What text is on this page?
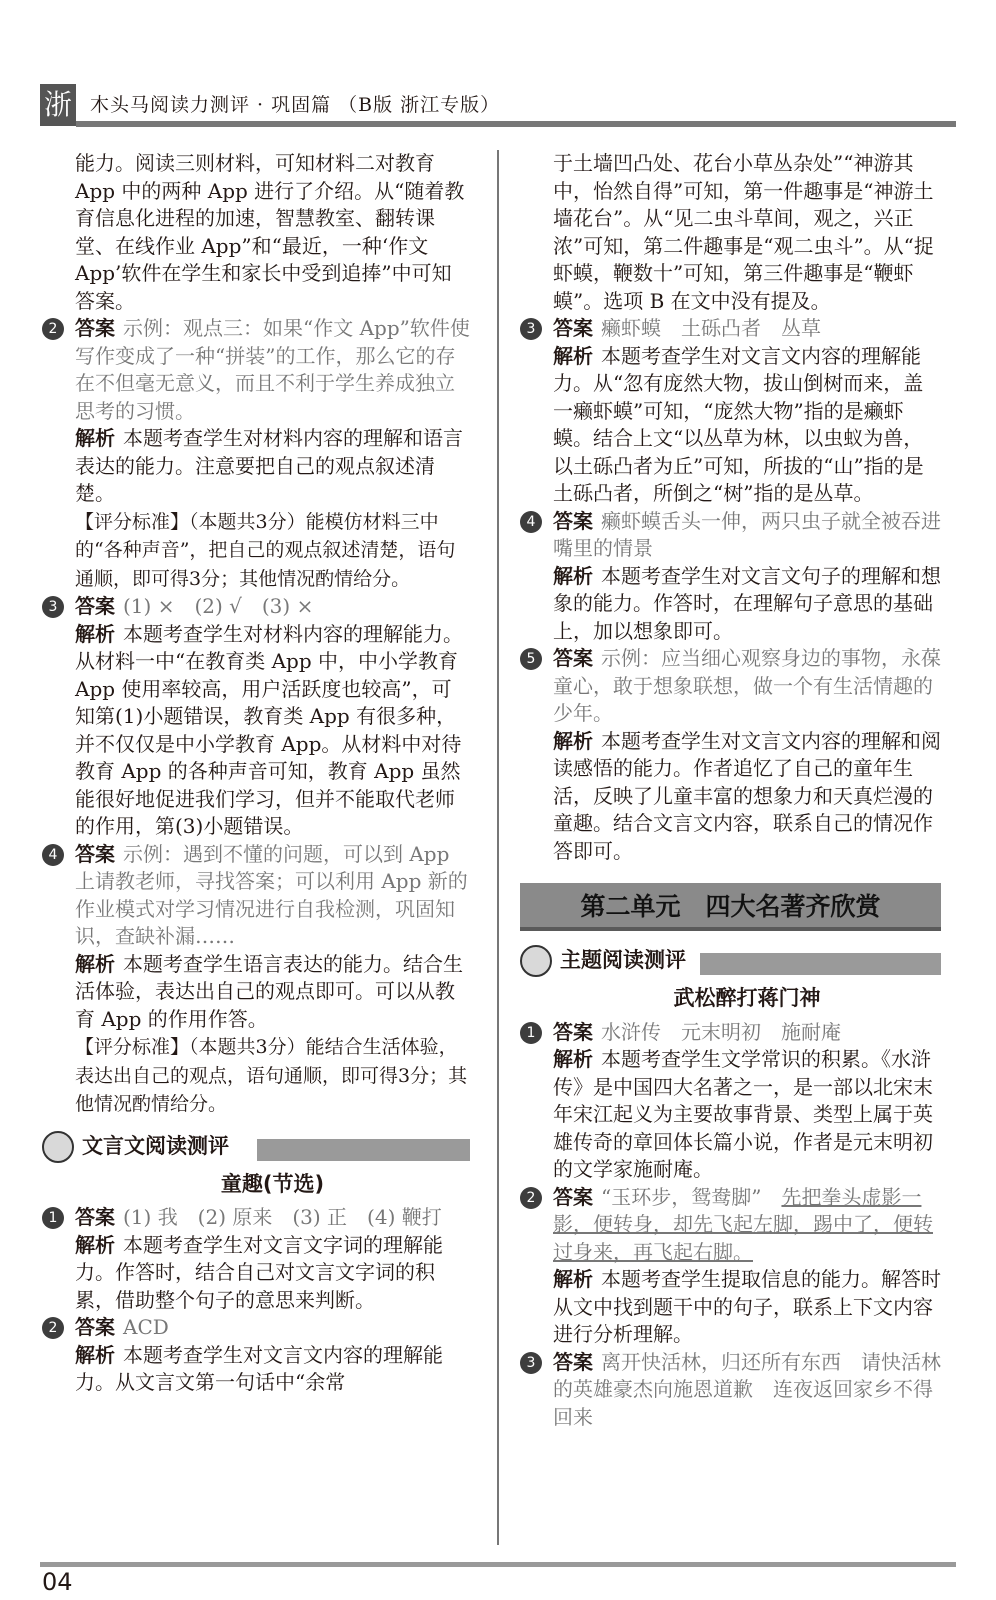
浙 木头马阅读力测评 · 巩固篇 （B版 浙江专版）
能力。阅读三则材料，可知材料二对教育 App 中的两种 App 进行了介绍。从“随着教育信息化进程的加速，智慧教室、翻转课堂、在线作业 App”和“最近，一种‘作文 App’软件在学生和家长中受到追捧”中可知答案。
2 答案 示例：观点三：如果“作文 App”软件使写作变成了一种“拼装”的工作，那么它的存在不但毫无意义，而且不利于学生养成独立思考的习惯。
解析 本题考查学生对材料内容的理解和语言表达的能力。注意要把自己的观点叙述清楚。
【评分标准】（本题共3分）能模仿材料三中的“各种声音”，把自己的观点叙述清楚，语句通顺，即可得3分；其他情况酌情给分。
3 答案 (1) ×　(2) √　(3) ×
解析 本题考查学生对材料内容的理解能力。从材料一中“在教育类 App 中，中小学教育 App 使用率较高，用户活跃度也较高”，可知第(1)小题错误，教育类 App 有很多种，并不仅仅是中小学教育 App。从材料中对待教育 App 的各种声音可知，教育 App 虽然能很好地促进我们学习，但并不能取代老师的作用，第(3)小题错误。
4 答案 示例：遇到不懂的问题，可以到 App 上请教老师，寻找答案；可以利用 App 新的作业模式对学习情况进行自我检测，巩固知识，查缺补漏……
解析 本题考查学生语言表达的能力。结合生活体验，表达出自己的观点即可。可以从教育 App 的作用作答。
【评分标准】（本题共3分）能结合生活体验，表达出自己的观点，语句通顺，即可得3分；其他情况酌情给分。
文言文阅读测评
童趣(节选)
1 答案 (1) 我　(2) 原来　(3) 正　(4) 鞭打
解析 本题考查学生对文言文字词的理解能力。作答时，结合自己对文言文字词的积累，借助整个句子的意思来判断。
2 答案 ACD
解析 本题考查学生对文言文内容的理解能力。从文言文第一句话中“余常
于土墙凹凸处、花台小草丛杂处”“神游其中，怡然自得”可知，第一件趣事是“神游土墙花台”。从“见二虫斗草间，观之，兴正浓”可知，第二件趣事是“观二虫斗”。从“捉虾蟆，鞭数十”可知，第三件趣事是“鞭虾蟆”。选项 B 在文中没有提及。
3 答案 癞虾蟆　土砾凸者　丛草
解析 本题考查学生对文言文内容的理解能力。从“忽有庞然大物，拔山倒树而来，盖一癞虾蟆”可知，“庞然大物”指的是癞虾蟆。结合上文“以丛草为林，以虫蚁为兽，以土砾凸者为丘”可知，所拔的“山”指的是土砾凸者，所倒之“树”指的是丛草。
4 答案 癞虾蟆舌头一伸，两只虫子就全被吞进嘴里的情景
解析 本题考查学生对文言文句子的理解和想象的能力。作答时，在理解句子意思的基础上，加以想象即可。
5 答案 示例：应当细心观察身边的事物，永葆童心，敢于想象联想，做一个有生活情趣的少年。
解析 本题考查学生对文言文内容的理解和阅读感悟的能力。作者追忆了自己的童年生活，反映了儿童丰富的想象力和天真烂漫的童趣。结合文言文内容，联系自己的情况作答即可。
第二单元　四大名著齐欣赏
主题阅读测评
武松醉打蒋门神
1 答案 水浒传　元末明初　施耐庵
解析 本题考查学生文学常识的积累。《水浒传》是中国四大名著之一，是一部以北宋末年宋江起义为主要故事背景、类型上属于英雄传奇的章回体长篇小说，作者是元末明初的文学家施耐庵。
2 答案 “玉环步，鸳鸯脚”　 先把拳头虚影一影，便转身，却先飞起左脚，踢中了，便转过身来，再飞起右脚。
解析 本题考查学生提取信息的能力。解答时从文中找到题干中的句子，联系上下文内容进行分析理解。
3 答案 离开快活林，归还所有东西　请快活林的英雄豪杰向施恩道歉　连夜返回家乡不得回来
04
